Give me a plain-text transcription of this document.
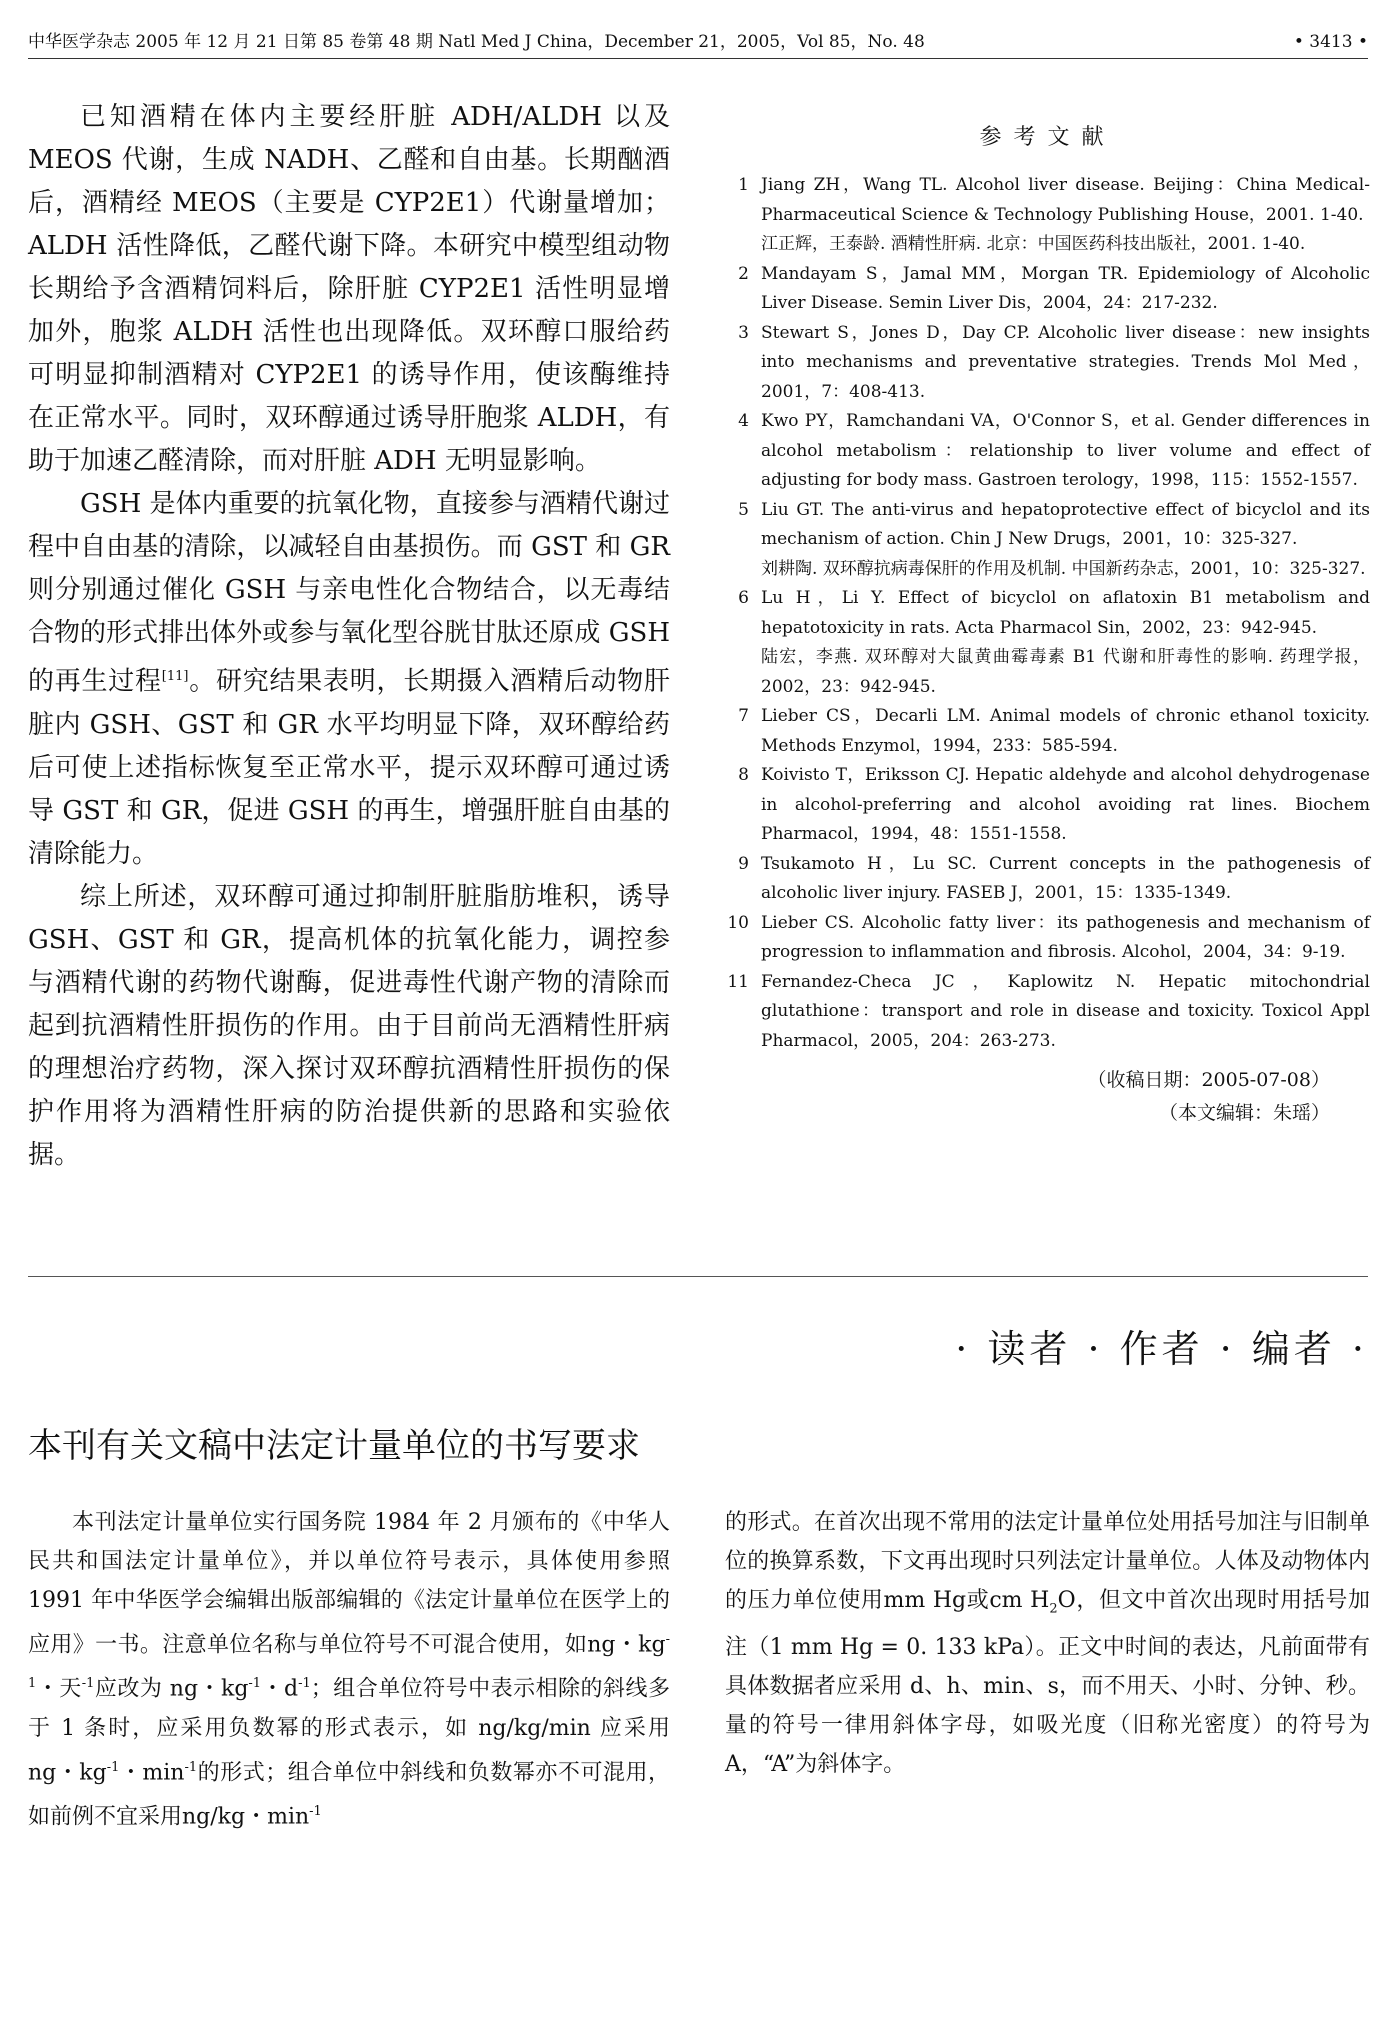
中华医学杂志 2005 年 12 月 21 日第 85 卷第 48 期 Natl Med J China，December 21，2005，Vol 85，No. 48	• 3413 •

已知酒精在体内主要经肝脏 ADH/ALDH 以及 MEOS 代谢，生成 NADH、乙醛和自由基。长期酗酒后，酒精经 MEOS（主要是 CYP2E1）代谢量增加；ALDH 活性降低，乙醛代谢下降。本研究中模型组动物长期给予含酒精饲料后，除肝脏 CYP2E1 活性明显增加外，胞浆 ALDH 活性也出现降低。双环醇口服给药可明显抑制酒精对 CYP2E1 的诱导作用，使该酶维持在正常水平。同时，双环醇通过诱导肝胞浆 ALDH，有助于加速乙醛清除，而对肝脏 ADH 无明显影响。

GSH 是体内重要的抗氧化物，直接参与酒精代谢过程中自由基的清除，以减轻自由基损伤。而 GST 和 GR 则分别通过催化 GSH 与亲电性化合物结合，以无毒结合物的形式排出体外或参与氧化型谷胱甘肽还原成 GSH 的再生过程[11]。研究结果表明，长期摄入酒精后动物肝脏内 GSH、GST 和 GR 水平均明显下降，双环醇给药后可使上述指标恢复至正常水平，提示双环醇可通过诱导 GST 和 GR，促进 GSH 的再生，增强肝脏自由基的清除能力。

综上所述，双环醇可通过抑制肝脏脂肪堆积，诱导 GSH、GST 和 GR，提高机体的抗氧化能力，调控参与酒精代谢的药物代谢酶，促进毒性代谢产物的清除而起到抗酒精性肝损伤的作用。由于目前尚无酒精性肝病的理想治疗药物，深入探讨双环醇抗酒精性肝损伤的保护作用将为酒精性肝病的防治提供新的思路和实验依据。

参考文献
1 Jiang ZH，Wang TL. Alcohol liver disease. Beijing：China Medical-Pharmaceutical Science & Technology Publishing House，2001. 1-40.
江正辉，王泰龄. 酒精性肝病. 北京：中国医药科技出版社，2001. 1-40.
2 Mandayam S，Jamal MM，Morgan TR. Epidemiology of Alcoholic Liver Disease. Semin Liver Dis，2004，24：217-232.
3 Stewart S，Jones D，Day CP. Alcoholic liver disease：new insights into mechanisms and preventative strategies. Trends Mol Med，2001，7：408-413.
4 Kwo PY，Ramchandani VA，O'Connor S，et al. Gender differences in alcohol metabolism：relationship to liver volume and effect of adjusting for body mass. Gastroen terology，1998，115：1552-1557.
5 Liu GT. The anti-virus and hepatoprotective effect of bicyclol and its mechanism of action. Chin J New Drugs，2001，10：325-327.
刘耕陶. 双环醇抗病毒保肝的作用及机制. 中国新药杂志，2001，10：325-327.
6 Lu H，Li Y. Effect of bicyclol on aflatoxin B1 metabolism and hepatotoxicity in rats. Acta Pharmacol Sin，2002，23：942-945.
陆宏，李燕. 双环醇对大鼠黄曲霉毒素 B1 代谢和肝毒性的影响. 药理学报，2002，23：942-945.
7 Lieber CS，Decarli LM. Animal models of chronic ethanol toxicity. Methods Enzymol，1994，233：585-594.
8 Koivisto T，Eriksson CJ. Hepatic aldehyde and alcohol dehydrogenase in alcohol-preferring and alcohol avoiding rat lines. Biochem Pharmacol，1994，48：1551-1558.
9 Tsukamoto H，Lu SC. Current concepts in the pathogenesis of alcoholic liver injury. FASEB J，2001，15：1335-1349.
10 Lieber CS. Alcoholic fatty liver：its pathogenesis and mechanism of progression to inflammation and fibrosis. Alcohol，2004，34：9-19.
11 Fernandez-Checa JC，Kaplowitz N. Hepatic mitochondrial glutathione：transport and role in disease and toxicity. Toxicol Appl Pharmacol，2005，204：263-273.
（收稿日期：2005-07-08）
（本文编辑：朱瑶）
· 读者 · 作者 · 编者 ·
本刊有关文稿中法定计量单位的书写要求

本刊法定计量单位实行国务院 1984 年 2 月颁布的《中华人民共和国法定计量单位》，并以单位符号表示，具体使用参照 1991 年中华医学会编辑出版部编辑的《法定计量单位在医学上的应用》一书。注意单位名称与单位符号不可混合使用，如ng・$kg^{-1}$・天$^{-1}$应改为 ng・$kg^{-1}$・$d^{-1}$；组合单位符号中表示相除的斜线多于 1 条时，应采用负数幂的形式表示，如 ng/kg/min 应采用 ng・$kg^{-1}$・$\min^{-1}$的形式；组合单位中斜线和负数幂亦不可混用，如前例不宜采用ng/kg・$\min^{-1}$

的形式。在首次出现不常用的法定计量单位处用括号加注与旧制单位的换算系数，下文再出现时只列法定计量单位。人体及动物体内的压力单位使用mm Hg或cm $H_2O$，但文中首次出现时用括号加注（1 mm Hg = 0. 133 kPa）。正文中时间的表达，凡前面带有具体数据者应采用 d、h、min、s，而不用天、小时、分钟、秒。量的符号一律用斜体字母，如吸光度（旧称光密度）的符号为 A，“A”为斜体字。
